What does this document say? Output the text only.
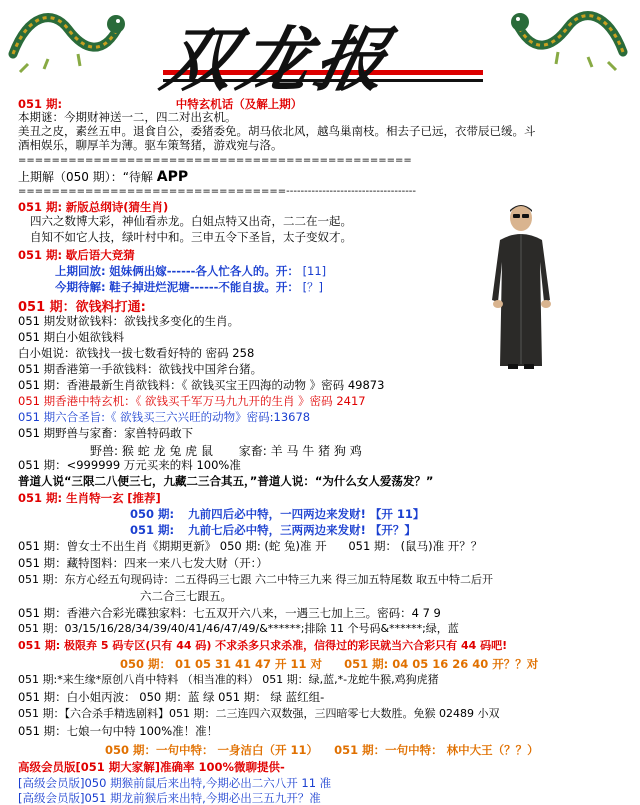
双龙报
051 期:	中特玄机话（及解上期）
本期谜：今期财神送一二，四二对出玄机。
美丑之皮，素丝五申。退食自公，委猪委免。胡马依北风，越鸟巢南枝。相去子已远，衣带辰已缓。斗
酒相娱乐，聊厚羊为薄。驱车策驽猪，游戏宛与洛。
===============================================
上期解（050 期）：“待解 APP
================================------------------------------------
051 期: 新版总纲诗(猜生肖)
四六之数博大彩，神仙看赤龙。白姐点特又出奇，二二在一起。
自知不如它人技，绿叶村中和。三申五令下圣旨，太子变奴才。
051 期: 歇后语大竞猜
上期回放: 姐妹俩出嫁------各人忙各人的。开： [11]
今期待解: 鞋子掉进烂泥塘------不能自拔。开： [？]
051 期：欲钱料打通:
051 期发财欲钱料：欲钱找多变化的生肖。
051 期白小姐欲钱料
白小姐说：欲钱找一拔七数看好特的 密码 258
051 期香港第一手欲钱料：欲钱找中国斧台猪。
051 期：香港最新生肖欲钱料：《 欲钱买宝王四海的动物 》密码 49873
051 期香港中特玄机：《 欲钱买千军万马九九开的生肖 》密码 2417
051 期六合圣旨:《 欲钱买三六兴旺的动物》密码:13678
051 期野兽与家畜：家兽特码敢下
野兽: 猴 蛇 龙 兔 虎 鼠 家畜: 羊 马 牛 猪 狗 鸡
051 期：<999999 万元买来的料 100%准
普道人说“三限二八便三七，九藏二三合其五，”普道人说：“为什么女人爱荡发？”
051 期: 生肖特一玄 [推荐]
050 期: 九前四后必中特，一四两边来发财! 【开 11】
051 期: 九前七后必中特，三两两边来发财! 【开？】
051 期：曾女士不出生肖《期期更新》 050 期: (蛇 兔)准 开 051 期： (鼠马)准 开？？
051 期：藏特图料：四来一来八七发大财（开：）
051 期：东方心经五句现码诗：二五得码三七跟 六二中特三九来 得三加五特尾数 取五中特二后开
六二合三七跟五。
051 期：香港六合彩光碟独家料：七五双开六八来，一遇三七加上三。密码：4 7 9
051 期：03/15/16/28/34/39/40/41/46/47/49/&******;排除 11 个号码&******;绿，蓝
051 期: 极限弃 5 码专区(只有 44 码) 不求杀多只求杀准，信得过的彩民就当六合彩只有 44 码吧!
050 期： 01 05 31 41 47 开 11 对 051 期: 04 05 16 26 40 开？？对
051 期:*来生缘*原创八肖中特料 （相当准的料） 051 期：绿,蓝,*-龙蛇牛猴,鸡狗虎猪
051 期：白小姐丙波： 050 期：蓝 绿 051 期： 绿 蓝红组-
051 期：【六合杀手精选剧料】051 期：二三连四六双数强，三四暗零七大数胜。免猴 02489 小双
051 期：七娘一句中特 100%准！准！
050 期：一句中特： 一身洁白（开 11） 051 期：一句中特： 林中大王（？？）
高级会员版[051 期大家解]准确率 100%微聊提供-
[高级会员版]050 期猴前鼠后来出特,今期必出二六八开 11 准
[高级会员版]051 期龙前猴后来出特,今期必出三五九开？准
